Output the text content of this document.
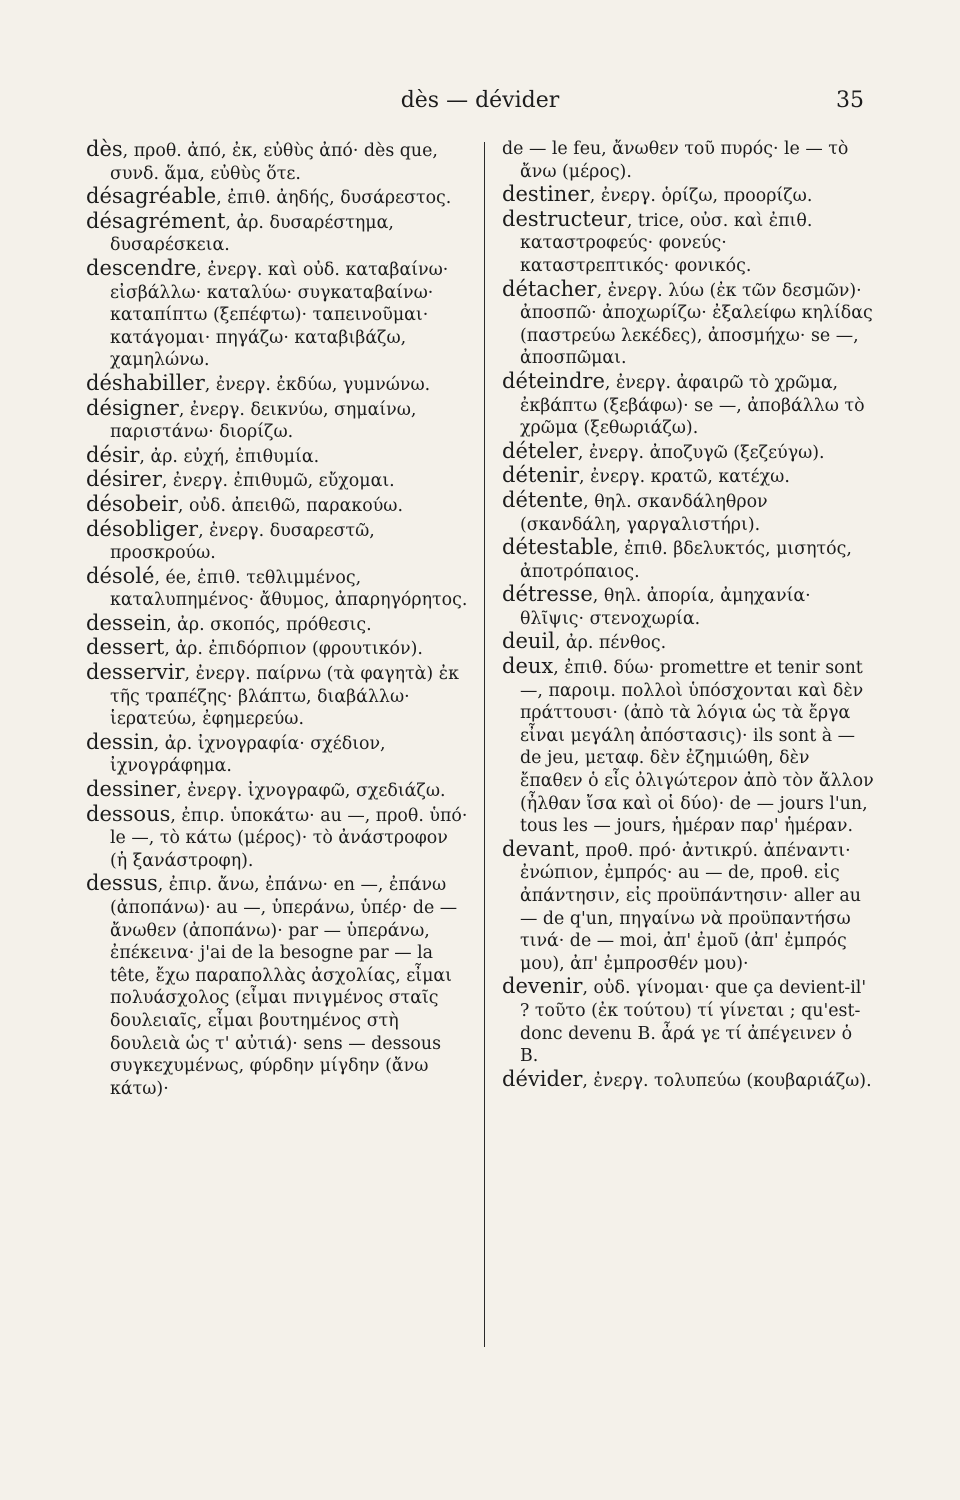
dès — dévider	35

dès, προθ. ἀπό, ἐκ, εὐθὺς ἀπό· dès que, συνδ. ἅμα, εὐθὺς ὅτε.

désagréable, ἐπιθ. ἀηδής, δυσάρεστος.

désagrément, ἀρ. δυσαρέστημα, δυσαρέσκεια.

descendre, ἐνεργ. καὶ οὐδ. καταβαίνω· εἰσβάλλω· καταλύω· συγκαταβαίνω· καταπίπτω (ξεπέφτω)· ταπεινοῦμαι· κατάγομαι· πηγάζω· καταβιβάζω, χαμηλώνω.

déshabiller, ἐνεργ. ἐκδύω, γυμνώνω.

désigner, ἐνεργ. δεικνύω, σημαίνω, παριστάνω· διορίζω.

désir, ἀρ. εὐχή, ἐπιθυμία.

désirer, ἐνεργ. ἐπιθυμῶ, εὔχομαι.

désobeir, οὐδ. ἀπειθῶ, παρακούω.

désobliger, ἐνεργ. δυσαρεστῶ, προσκρούω.

désolé, ée, ἐπιθ. τεθλιμμένος, καταλυπημένος· ἄθυμος, ἀπαρηγόρητος.

dessein, ἀρ. σκοπός, πρόθεσις.

dessert, ἀρ. ἐπιδόρπιον (φρουτικόν).

desservir, ἐνεργ. παίρνω (τὰ φαγητὰ) ἐκ τῆς τραπέζης· βλάπτω, διαβάλλω· ἱερατεύω, ἐφημερεύω.

dessin, ἀρ. ἰχνογραφία· σχέδιον, ἰχνογράφημα.

dessiner, ἐνεργ. ἰχνογραφῶ, σχεδιάζω.

dessous, ἐπιρ. ὑποκάτω· au —, προθ. ὑπό· le —, τὸ κάτω (μέρος)· τὸ ἀνάστροφον (ἡ ξανάστροφη).

dessus, ἐπιρ. ἄνω, ἐπάνω· en —, ἐπάνω (ἀποπάνω)· au —, ὑπεράνω, ὑπέρ· de — ἄνωθεν (ἀποπάνω)· par — ὑπεράνω, ἐπέκεινα· j'ai de la besogne par — la tête, ἔχω παραπολλὰς ἀσχολίας, εἶμαι πολυάσχολος (εἶμαι πνιγμένος σταῖς δουλειαῖς, εἶμαι βουτημένος στὴ δουλειὰ ὡς τ' αὐτιά)· sens — dessous συγκεχυμένως, φύρδην μίγδην (ἄνω κάτω)·

de — le feu, ἄνωθεν τοῦ πυρός· le — τὸ ἄνω (μέρος).

destiner, ἐνεργ. ὁρίζω, προορίζω.

destructeur, trice, οὐσ. καὶ ἐπιθ. καταστροφεύς· φονεύς· καταστρεπτικός· φονικός.

détacher, ἐνεργ. λύω (ἐκ τῶν δεσμῶν)· ἀποσπῶ· ἀποχωρίζω· ἐξαλείφω κηλίδας (παστρεύω λεκέδες), ἀποσμήχω· se —, ἀποσπῶμαι.

déteindre, ἐνεργ. ἀφαιρῶ τὸ χρῶμα, ἐκβάπτω (ξεβάφω)· se —, ἀποβάλλω τὸ χρῶμα (ξεθωριάζω).

dételer, ἐνεργ. ἀποζυγῶ (ξεζεύγω).

détenir, ἐνεργ. κρατῶ, κατέχω.

détente, θηλ. σκανδάληθρον (σκανδάλη, γαργαλιστήρι).

détestable, ἐπιθ. βδελυκτός, μισητός, ἀποτρόπαιος.

détresse, θηλ. ἀπορία, ἀμηχανία· θλῖψις· στενοχωρία.

deuil, ἀρ. πένθος.

deux, ἐπιθ. δύω· promettre et tenir sont —, παροιμ. πολλοὶ ὑπόσχονται καὶ δὲν πράττουσι· (ἀπὸ τὰ λόγια ὡς τὰ ἔργα εἶναι μεγάλη ἀπόστασις)· ils sont à — de jeu, μεταφ. δὲν ἐζημιώθη, δὲν ἔπαθεν ὁ εἷς ὀλιγώτερον ἀπὸ τὸν ἄλλον (ἦλθαν ἴσα καὶ οἱ δύο)· de — jours l'un, tous les — jours, ἡμέραν παρ' ἡμέραν.

devant, προθ. πρό· ἀντικρύ. ἀπέναντι· ἐνώπιον, ἐμπρός· au — de, προθ. εἰς ἀπάντησιν, εἰς προϋπάντησιν· aller au — de q'un, πηγαίνω νὰ προϋπαντήσω τινά· de — moi, ἀπ' ἐμοῦ (ἀπ' ἐμπρός μου), ἀπ' ἐμπροσθέν μου)·

devenir, οὐδ. γίνομαι· que ça devient-il' ? τοῦτο (ἐκ τούτου) τί γίνεται ; qu'est-donc devenu B. ἆρά γε τί ἀπέγεινεν ὁ B.

dévider, ἐνεργ. τολυπεύω (κουβαριάζω).
